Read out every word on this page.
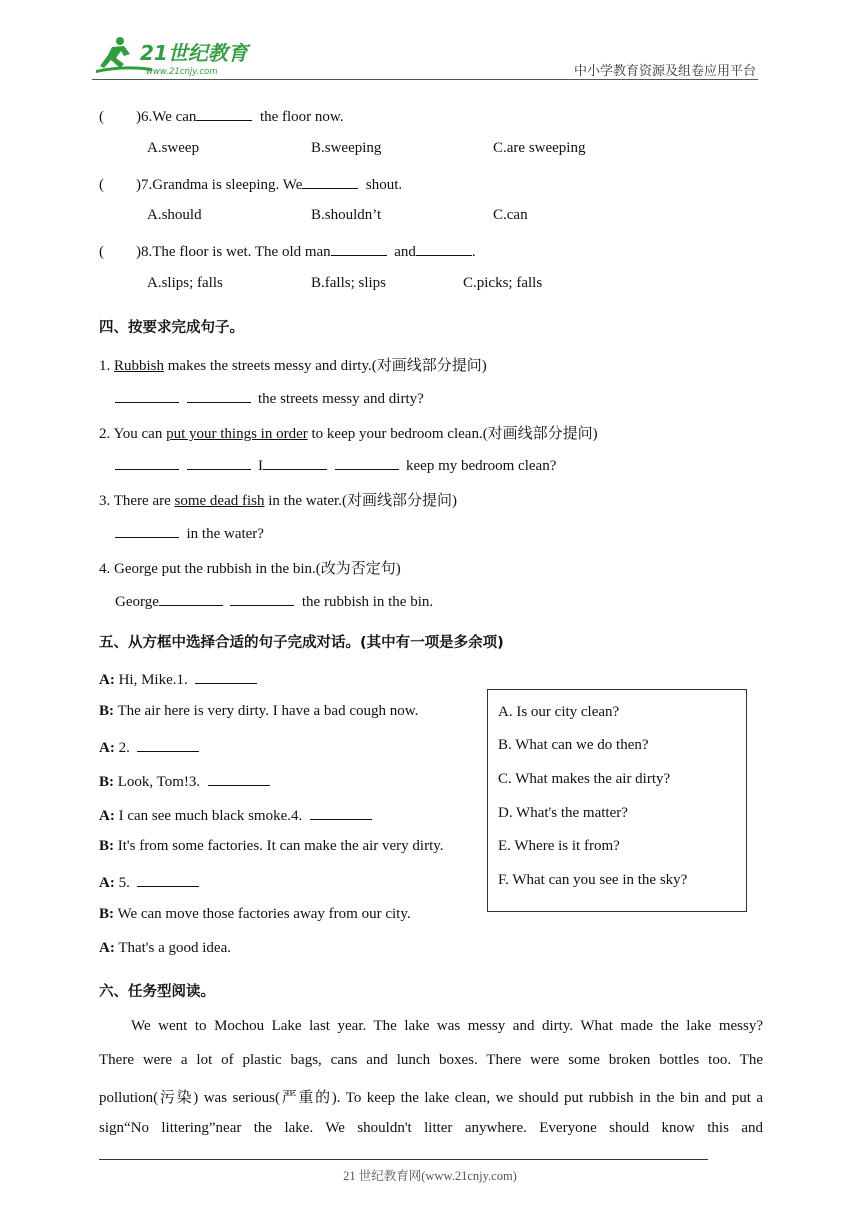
21世纪教育
www.21cnjy.com	中小学教育资源及组卷应用平台
( )6.We can	the floor now.
A.sweep	B.sweeping	C.are sweeping
( )7.Grandma is sleeping. We	shout.
A.should	B.shouldn’t	C.can
( )8.The floor is wet. The old man	and	.
A.slips; falls	B.falls; slips	C.picks; falls
四、按要求完成句子。
1. Rubbish makes the streets messy and dirty.(对画线部分提问)
the streets messy and dirty?
2. You can put your things in order to keep your bedroom clean.(对画线部分提问)
I	keep my bedroom clean?
3. There are some dead fish in the water.(对画线部分提问)
in the water?
4. George put the rubbish in the bin.(改为否定句)
George	the rubbish in the bin.
五、从方框中选择合适的句子完成对话。(其中有一项是多余项)
A: Hi, Mike.1.
B: The air here is very dirty. I have a bad cough now.
A: 2.
B: Look, Tom!3.
A: I can see much black smoke.4.
B: It's from some factories. It can make the air very dirty.
A: 5.
B: We can move those factories away from our city.
A: That's a good idea.
A. Is our city clean?
B. What can we do then?
C. What makes the air dirty?
D. What's the matter?
E. Where is it from?
F. What can you see in the sky?
六、任务型阅读。
We went to Mochou Lake last year. The lake was messy and dirty. What made the lake messy?
There were a lot of plastic bags, cans and lunch boxes. There were some broken bottles too. The
pollution(污染) was serious(严重的). To keep the lake clean, we should put rubbish in the bin and put a
sign“No littering”near the lake. We shouldn't litter anywhere. Everyone should know this and
21 世纪教育网(www.21cnjy.com)
